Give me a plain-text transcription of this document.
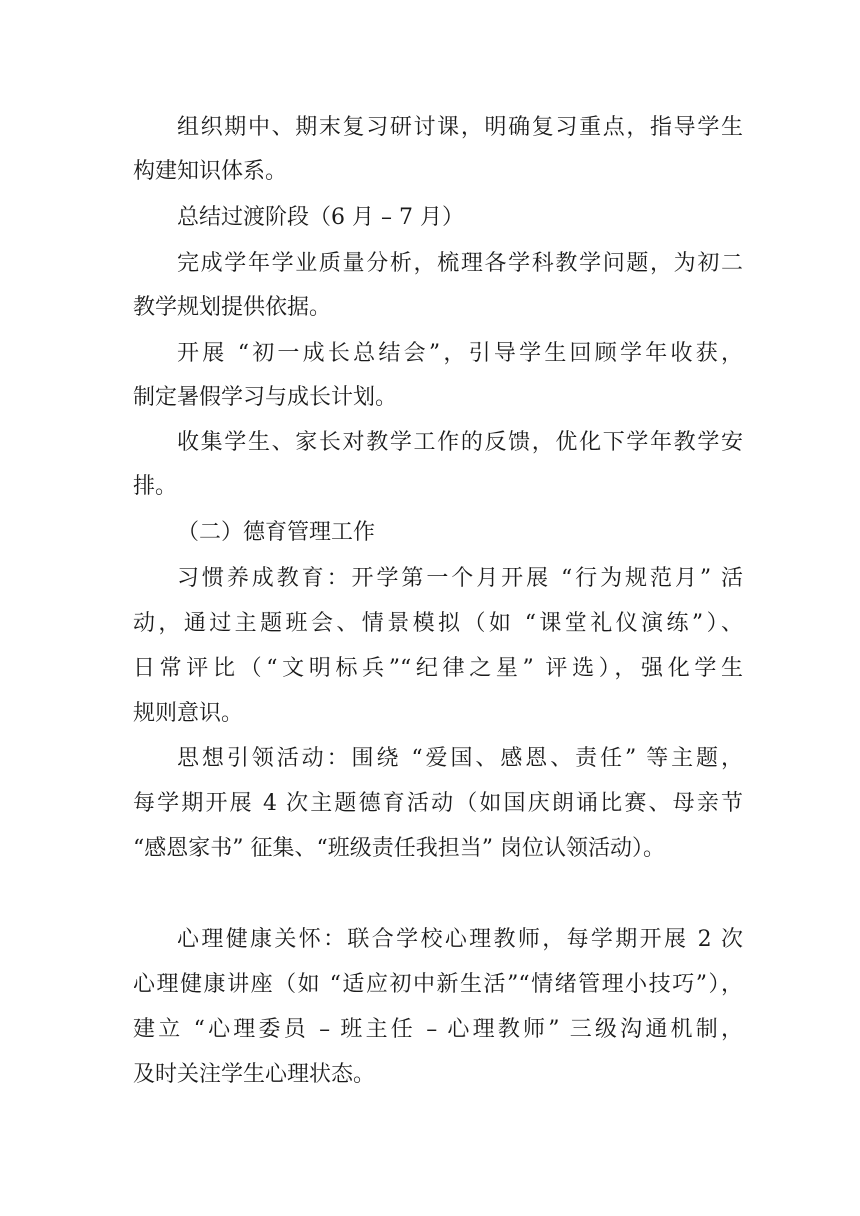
组织期中、期末复习研讨课，明确复习重点，指导学生
构建知识体系。
总结过渡阶段（6 月 – 7 月）
完成学年学业质量分析，梳理各学科教学问题，为初二
教学规划提供依据。
开展 “初一成长总结会”，引导学生回顾学年收获，
制定暑假学习与成长计划。
收集学生、家长对教学工作的反馈，优化下学年教学安
排。
（二）德育管理工作
习惯养成教育：开学第一个月开展 “行为规范月” 活
动，通过主题班会、情景模拟（如 “课堂礼仪演练”）、
日常评比（“文明标兵”“纪律之星” 评选），强化学生
规则意识。
思想引领活动：围绕 “爱国、感恩、责任” 等主题，
每学期开展 4 次主题德育活动（如国庆朗诵比赛、母亲节
“感恩家书” 征集、“班级责任我担当” 岗位认领活动）。
心理健康关怀：联合学校心理教师，每学期开展 2 次
心理健康讲座（如 “适应初中新生活”“情绪管理小技巧”），
建立 “心理委员 – 班主任 – 心理教师” 三级沟通机制，
及时关注学生心理状态。
